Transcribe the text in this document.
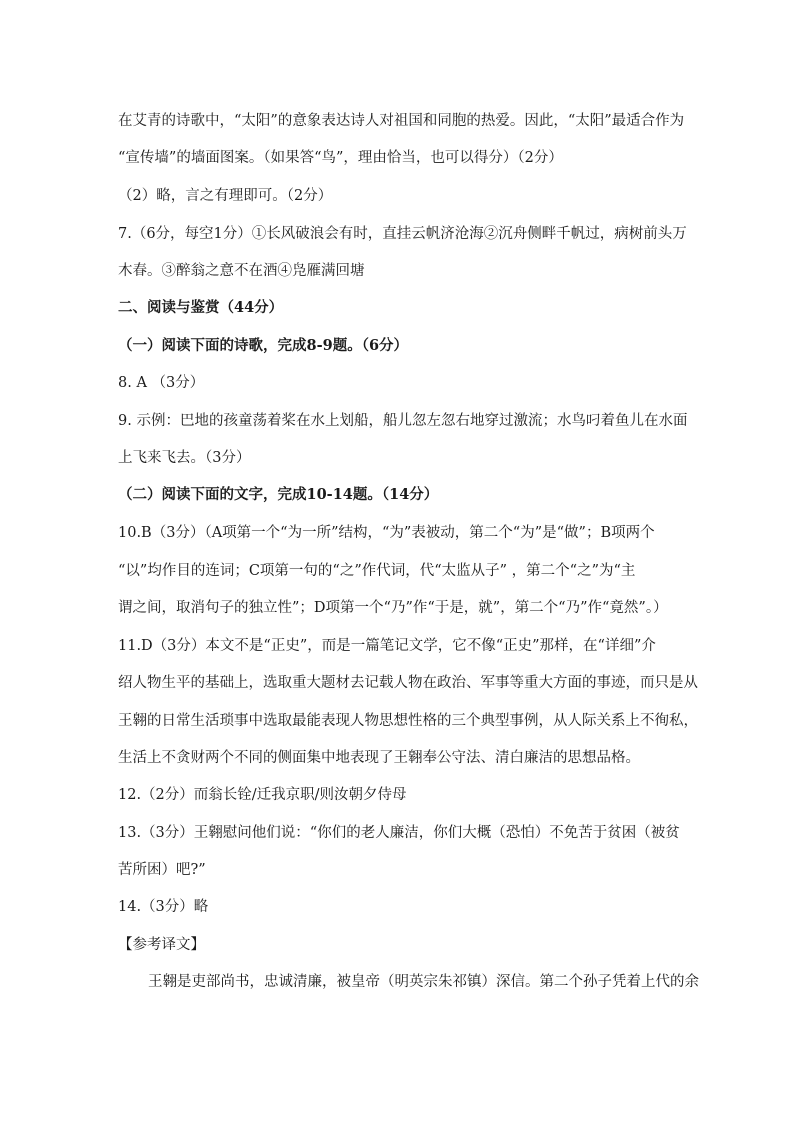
在艾青的诗歌中，“太阳”的意象表达诗人对祖国和同胞的热爱。因此，“太阳”最适合作为
“宣传墙”的墙面图案。（如果答“鸟”，理由恰当，也可以得分）（2分）
（2）略，言之有理即可。（2分）
7.（6分，每空1分）①长风破浪会有时，直挂云帆济沧海②沉舟侧畔千帆过，病树前头万
木春。③醉翁之意不在酒④凫雁满回塘
二、阅读与鉴赏（44分）
（一）阅读下面的诗歌，完成8-9题。（6分）
8. A （3分）
9. 示例：巴地的孩童荡着桨在水上划船，船儿忽左忽右地穿过激流；水鸟叼着鱼儿在水面
上飞来飞去。（3分）
（二）阅读下面的文字，完成10-14题。（14分）
10.B（3分）（A项第一个“为一所”结构，“为”表被动，第二个“为”是“做”；B项两个
“以”均作目的连词；C项第一句的“之”作代词，代“太监从子” ，第二个“之”为“主
谓之间，取消句子的独立性”；D项第一个“乃”作“于是，就”，第二个“乃”作“竟然”。）
11.D（3分）本文不是“正史”，而是一篇笔记文学，它不像“正史”那样，在“详细”介
绍人物生平的基础上，选取重大题材去记载人物在政治、军事等重大方面的事迹，而只是从
王翱的日常生活琐事中选取最能表现人物思想性格的三个典型事例，从人际关系上不徇私，
生活上不贪财两个不同的侧面集中地表现了王翱奉公守法、清白廉洁的思想品格。
12.（2分）而翁长铨/迁我京职/则汝朝夕侍母
13.（3分）王翱慰问他们说：“你们的老人廉洁，你们大概（恐怕）不免苦于贫困（被贫
苦所困）吧?”
14.（3分）略
【参考译文】
王翱是吏部尚书，忠诚清廉，被皇帝（明英宗朱祁镇）深信。第二个孙子凭着上代的余
